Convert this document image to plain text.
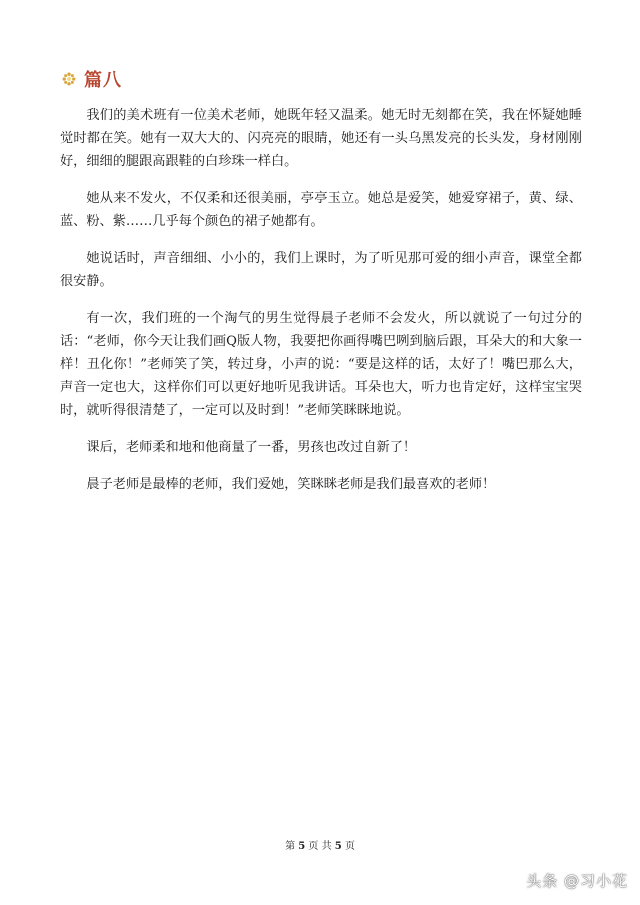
篇八

我们的美术班有一位美术老师，她既年轻又温柔。她无时无刻都在笑，我在怀疑她睡觉时都在笑。她有一双大大的、闪亮亮的眼睛，她还有一头乌黑发亮的长头发，身材刚刚好，细细的腿跟高跟鞋的白珍珠一样白。

她从来不发火，不仅柔和还很美丽，亭亭玉立。她总是爱笑，她爱穿裙子，黄、绿、蓝、粉、紫……几乎每个颜色的裙子她都有。

她说话时，声音细细、小小的，我们上课时，为了听见那可爱的细小声音，课堂全都很安静。

有一次，我们班的一个淘气的男生觉得晨子老师不会发火，所以就说了一句过分的话：“老师，你今天让我们画Q版人物，我要把你画得嘴巴咧到脑后跟，耳朵大的和大象一样！丑化你！”老师笑了笑，转过身，小声的说：“要是这样的话，太好了！嘴巴那么大，声音一定也大，这样你们可以更好地听见我讲话。耳朵也大，听力也肯定好，这样宝宝哭时，就听得很清楚了，一定可以及时到！”老师笑眯眯地说。

课后，老师柔和地和他商量了一番，男孩也改过自新了！

晨子老师是最棒的老师，我们爱她，笑眯眯老师是我们最喜欢的老师！

第 5 页 共 5 页
头条 @习小花
